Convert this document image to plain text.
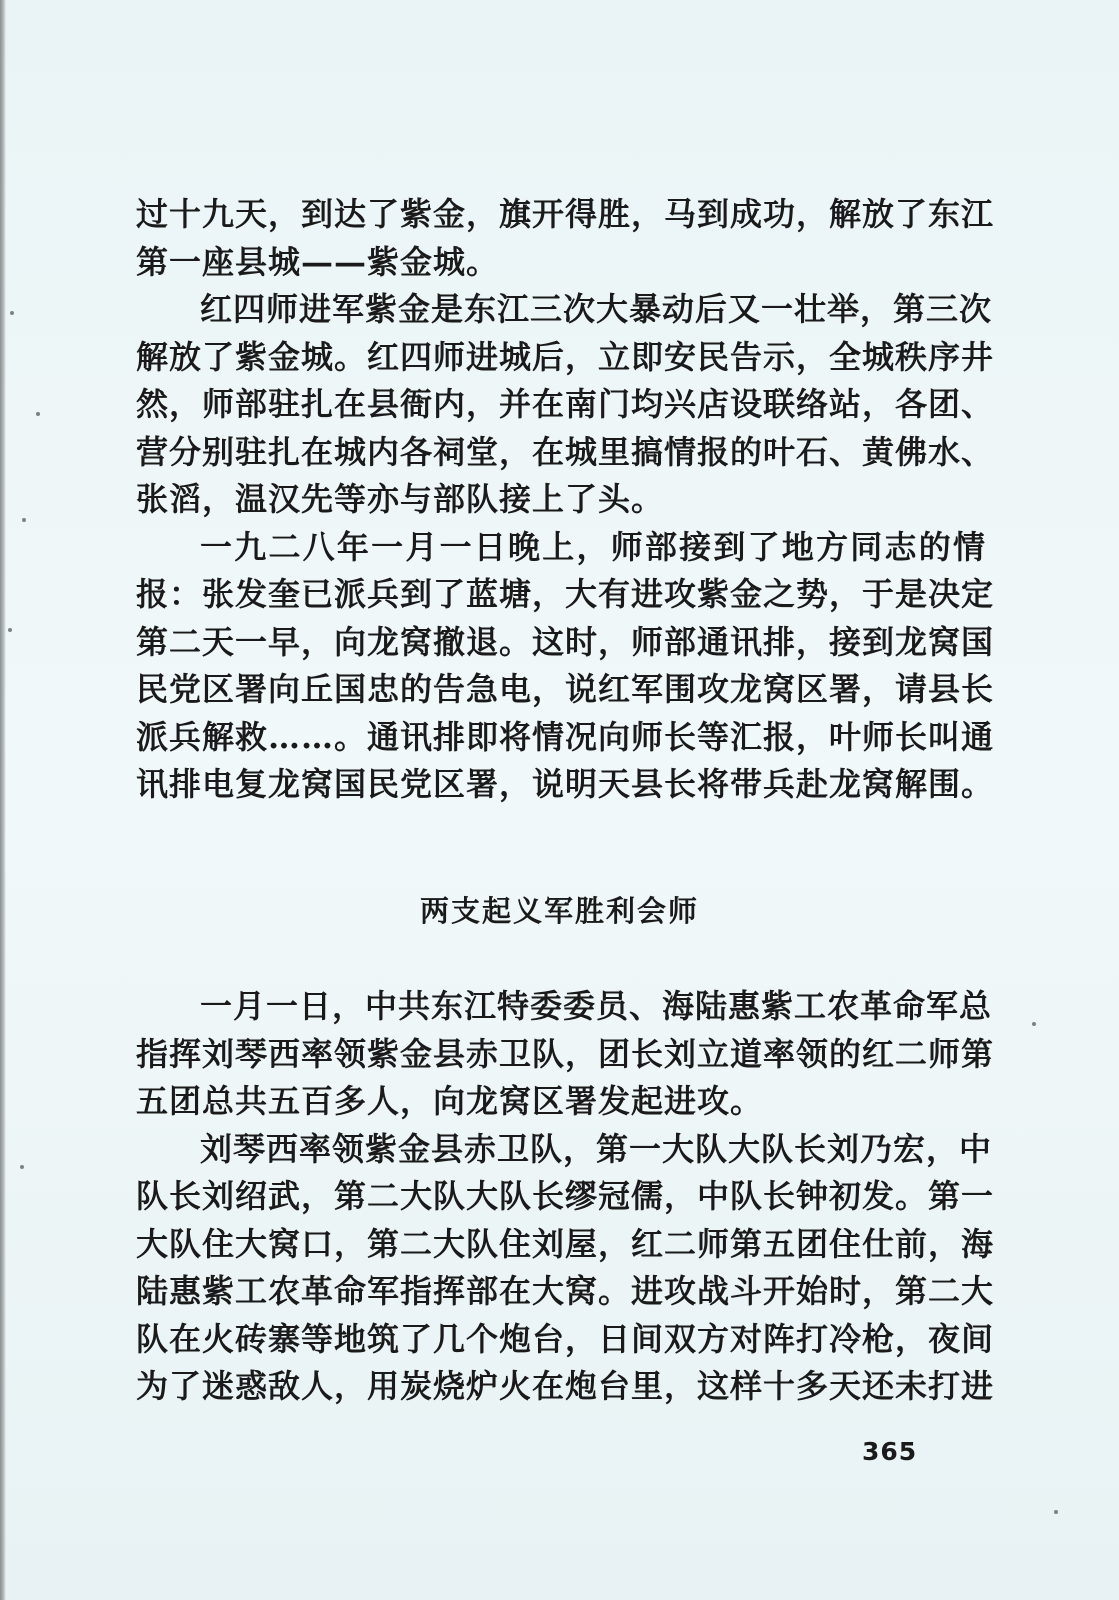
过十九天，到达了紫金，旗开得胜，马到成功，解放了东江
第一座县城——紫金城。
红四师进军紫金是东江三次大暴动后又一壮举，第三次
解放了紫金城。红四师进城后，立即安民告示，全城秩序井
然，师部驻扎在县衙内，并在南门均兴店设联络站，各团、
营分别驻扎在城内各祠堂，在城里搞情报的叶石、黄佛水、
张滔，温汉先等亦与部队接上了头。
一九二八年一月一日晚上，师部接到了地方同志的情
报：张发奎已派兵到了蓝塘，大有进攻紫金之势，于是决定
第二天一早，向龙窝撤退。这时，师部通讯排，接到龙窝国
民党区署向丘国忠的告急电，说红军围攻龙窝区署，请县长
派兵解救……。通讯排即将情况向师长等汇报，叶师长叫通
讯排电复龙窝国民党区署，说明天县长将带兵赴龙窝解围。
两支起义军胜利会师
一月一日，中共东江特委委员、海陆惠紫工农革命军总
指挥刘琴西率领紫金县赤卫队，团长刘立道率领的红二师第
五团总共五百多人，向龙窝区署发起进攻。
刘琴西率领紫金县赤卫队，第一大队大队长刘乃宏，中
队长刘绍武，第二大队大队长缪冠儒，中队长钟初发。第一
大队住大窝口，第二大队住刘屋，红二师第五团住仕前，海
陆惠紫工农革命军指挥部在大窝。进攻战斗开始时，第二大
队在火砖寨等地筑了几个炮台，日间双方对阵打冷枪，夜间
为了迷惑敌人，用炭烧炉火在炮台里，这样十多天还未打进
365
